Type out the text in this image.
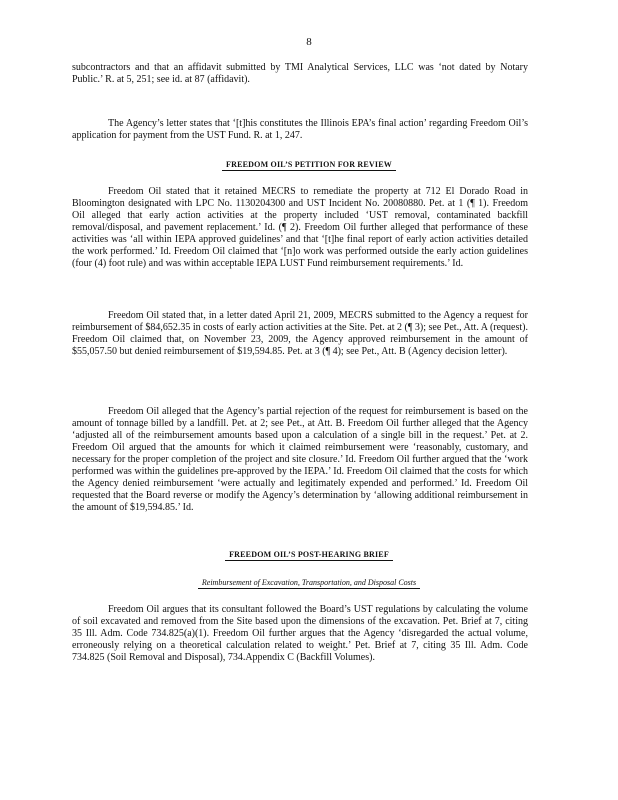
8

subcontractors and that an affidavit submitted by TMI Analytical Services, LLC was ‘not dated by Notary Public.’ R. at 5, 251; see id. at 87 (affidavit).

The Agency’s letter states that ‘[t]his constitutes the Illinois EPA’s final action’ regarding Freedom Oil’s application for payment from the UST Fund. R. at 1, 247.

FREEDOM OIL’S PETITION FOR REVIEW

Freedom Oil stated that it retained MECRS to remediate the property at 712 El Dorado Road in Bloomington designated with LPC No. 1130204300 and UST Incident No. 20080880. Pet. at 1 (¶ 1). Freedom Oil alleged that early action activities at the property included ‘UST removal, contaminated backfill removal/disposal, and pavement replacement.’ Id. (¶ 2). Freedom Oil further alleged that performance of these activities was ‘all within IEPA approved guidelines’ and that ‘[t]he final report of early action activities detailed the work performed.’ Id. Freedom Oil claimed that ‘[n]o work was performed outside the early action guidelines (four (4) foot rule) and was within acceptable IEPA LUST Fund reimbursement requirements.’ Id.

Freedom Oil stated that, in a letter dated April 21, 2009, MECRS submitted to the Agency a request for reimbursement of $84,652.35 in costs of early action activities at the Site. Pet. at 2 (¶ 3); see Pet., Att. A (request). Freedom Oil claimed that, on November 23, 2009, the Agency approved reimbursement in the amount of $55,057.50 but denied reimbursement of $19,594.85. Pet. at 3 (¶ 4); see Pet., Att. B (Agency decision letter).

Freedom Oil alleged that the Agency’s partial rejection of the request for reimbursement is based on the amount of tonnage billed by a landfill. Pet. at 2; see Pet., at Att. B. Freedom Oil further alleged that the Agency ‘adjusted all of the reimbursement amounts based upon a calculation of a single bill in the request.’ Pet. at 2. Freedom Oil argued that the amounts for which it claimed reimbursement were ‘reasonably, customary, and necessary for the proper completion of the project and site closure.’ Id. Freedom Oil further argued that the ‘work performed was within the guidelines pre-approved by the IEPA.’ Id. Freedom Oil claimed that the costs for which the Agency denied reimbursement ‘were actually and legitimately expended and performed.’ Id. Freedom Oil requested that the Board reverse or modify the Agency’s determination by ‘allowing additional reimbursement in the amount of $19,594.85.’ Id.

FREEDOM OIL’S POST-HEARING BRIEF
Reimbursement of Excavation, Transportation, and Disposal Costs

Freedom Oil argues that its consultant followed the Board’s UST regulations by calculating the volume of soil excavated and removed from the Site based upon the dimensions of the excavation. Pet. Brief at 7, citing 35 Ill. Adm. Code 734.825(a)(1). Freedom Oil further argues that the Agency ‘disregarded the actual volume, erroneously relying on a theoretical calculation related to weight.’ Pet. Brief at 7, citing 35 Ill. Adm. Code 734.825 (Soil Removal and Disposal), 734.Appendix C (Backfill Volumes).
